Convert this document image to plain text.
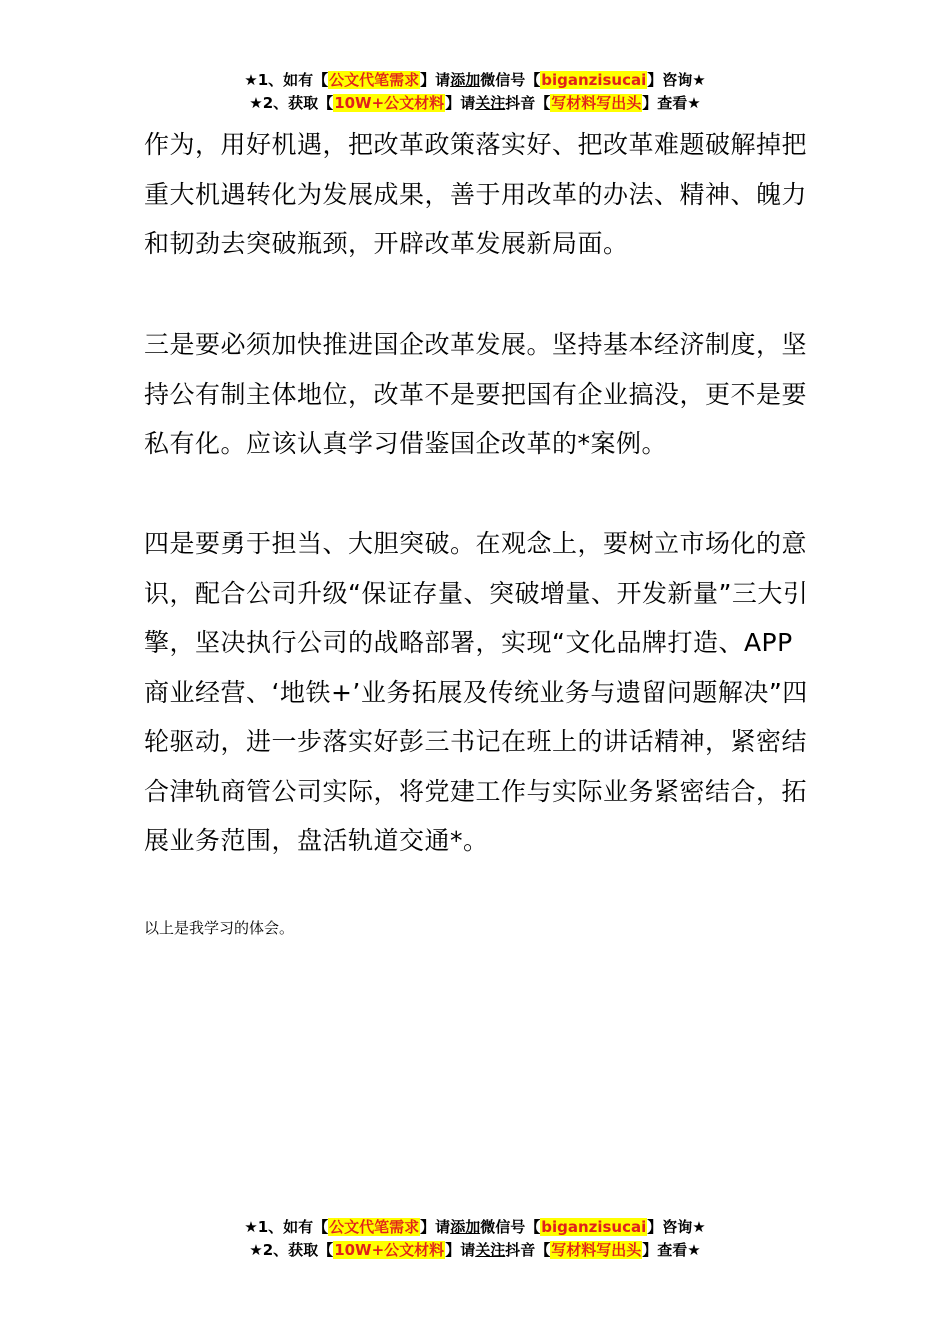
★1、如有【公文代笔需求】请添加微信号【biganzisucai】咨询★
★2、获取【10W+公文材料】请关注抖音【写材料写出头】查看★

作为，用好机遇，把改革政策落实好、把改革难题破解掉把重大机遇转化为发展成果，善于用改革的办法、精神、魄力和韧劲去突破瓶颈，开辟改革发展新局面。

三是要必须加快推进国企改革发展。坚持基本经济制度，坚持公有制主体地位，改革不是要把国有企业搞没，更不是要私有化。应该认真学习借鉴国企改革的*案例。

四是要勇于担当、大胆突破。在观念上，要树立市场化的意识，配合公司升级“保证存量、突破增量、开发新量”三大引擎，坚决执行公司的战略部署，实现“文化品牌打造、APP商业经营、‘地铁+’业务拓展及传统业务与遗留问题解决”四轮驱动，进一步落实好彭三书记在班上的讲话精神，紧密结合津轨商管公司实际，将党建工作与实际业务紧密结合，拓展业务范围，盘活轨道交通*。

以上是我学习的体会。
★1、如有【公文代笔需求】请添加微信号【biganzisucai】咨询★
★2、获取【10W+公文材料】请关注抖音【写材料写出头】查看★
